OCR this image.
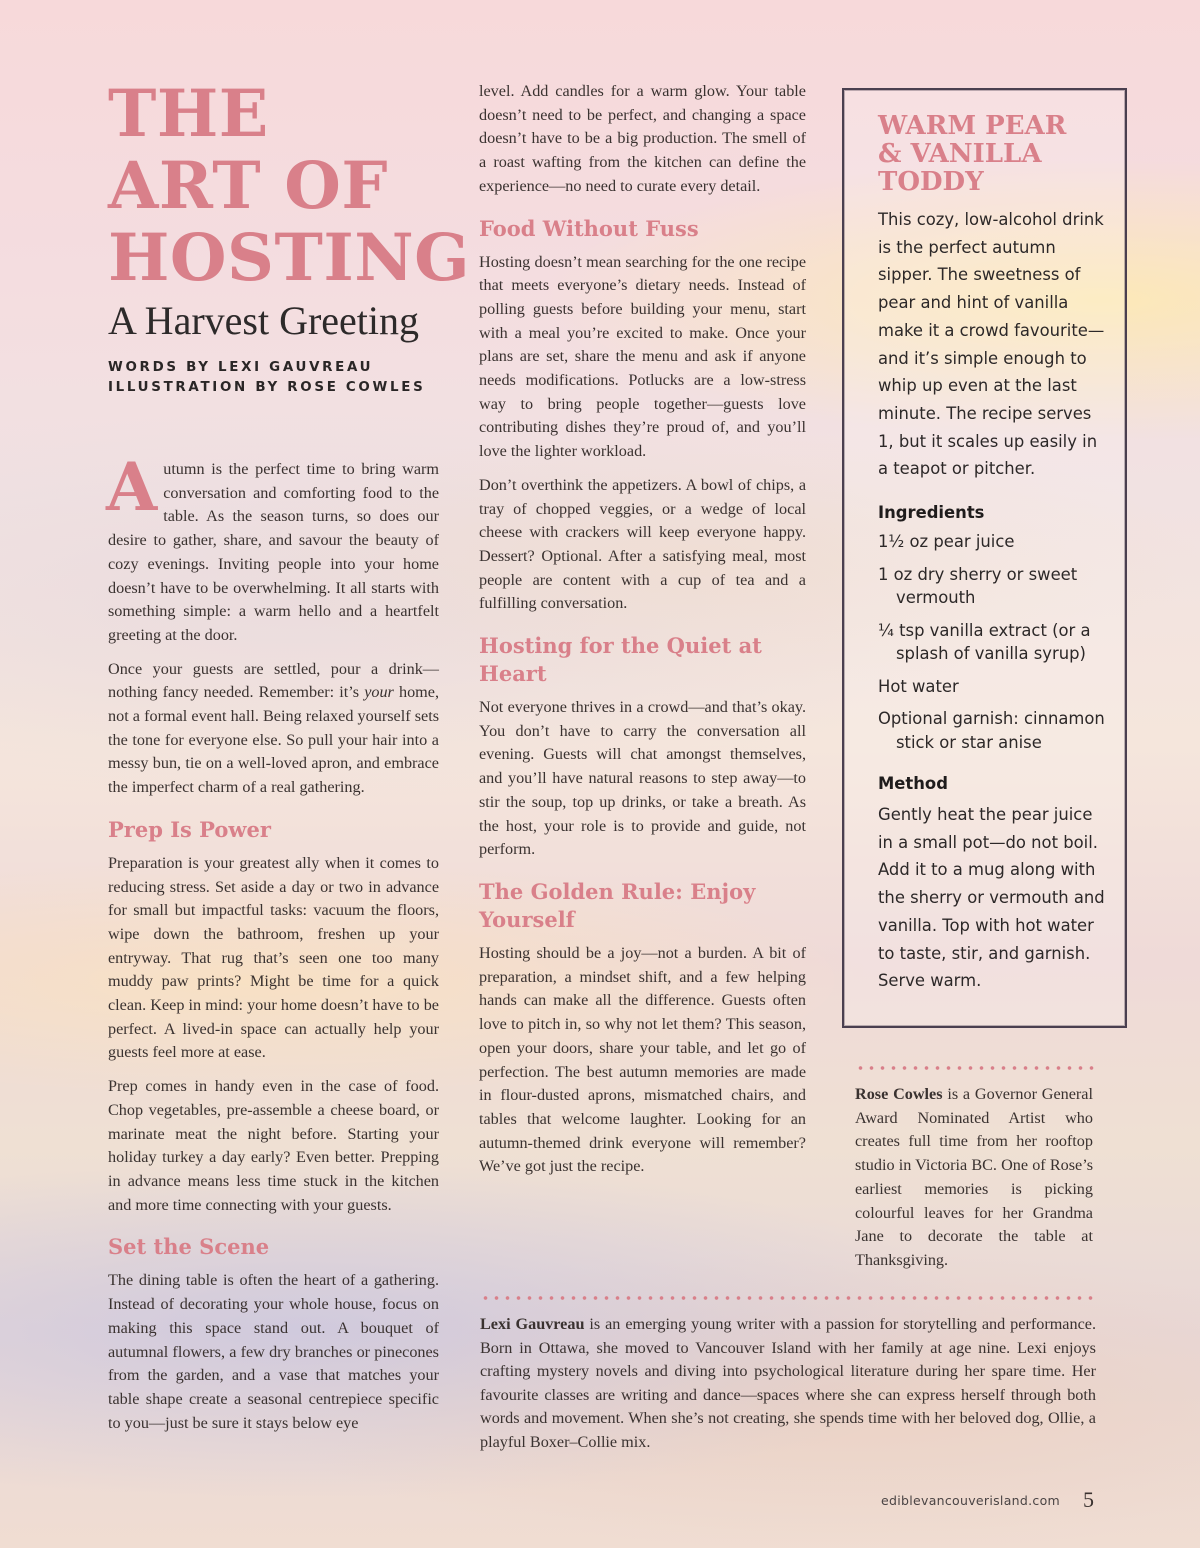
THE
ART OF
HOSTING
A Harvest Greeting

WORDS BY LEXI GAUVREAU

ILLUSTRATION BY ROSE COWLES

Autumn is the perfect time to bring warm conversation and comforting food to the table. As the season turns, so does our desire to gather, share, and savour the beauty of cozy evenings. Inviting people into your home doesn’t have to be overwhelming. It all starts with something simple: a warm hello and a heartfelt greeting at the door.

Once your guests are settled, pour a drink—nothing fancy needed. Remember: it’s your home, not a formal event hall. Being relaxed yourself sets the tone for everyone else. So pull your hair into a messy bun, tie on a well-loved apron, and embrace the imperfect charm of a real gathering.

Prep Is Power

Preparation is your greatest ally when it comes to reducing stress. Set aside a day or two in advance for small but impactful tasks: vacuum the floors, wipe down the bathroom, freshen up your entryway. That rug that’s seen one too many muddy paw prints? Might be time for a quick clean. Keep in mind: your home doesn’t have to be perfect. A lived-in space can actually help your guests feel more at ease.

Prep comes in handy even in the case of food. Chop vegetables, pre-assemble a cheese board, or marinate meat the night before. Starting your holiday turkey a day early? Even better. Prepping in advance means less time stuck in the kitchen and more time connecting with your guests.

Set the Scene

The dining table is often the heart of a gathering. Instead of decorating your whole house, focus on making this space stand out. A bouquet of autumnal flowers, a few dry branches or pinecones from the garden, and a vase that matches your table shape create a seasonal centrepiece specific to you—just be sure it stays below eye

level. Add candles for a warm glow. Your table doesn’t need to be perfect, and changing a space doesn’t have to be a big production. The smell of a roast wafting from the kitchen can define the experience—no need to curate every detail.

Food Without Fuss

Hosting doesn’t mean searching for the one recipe that meets everyone’s dietary needs. Instead of polling guests before building your menu, start with a meal you’re excited to make. Once your plans are set, share the menu and ask if anyone needs modifications. Potlucks are a low-stress way to bring people together—guests love contributing dishes they’re proud of, and you’ll love the lighter workload.

Don’t overthink the appetizers. A bowl of chips, a tray of chopped veggies, or a wedge of local cheese with crackers will keep everyone happy. Dessert? Optional. After a satisfying meal, most people are content with a cup of tea and a fulfilling conversation.

Hosting for the Quiet at Heart

Not everyone thrives in a crowd—and that’s okay. You don’t have to carry the conversation all evening. Guests will chat amongst themselves, and you’ll have natural reasons to step away—to stir the soup, top up drinks, or take a breath. As the host, your role is to provide and guide, not perform.

The Golden Rule: Enjoy Yourself

Hosting should be a joy—not a burden. A bit of preparation, a mindset shift, and a few helping hands can make all the difference. Guests often love to pitch in, so why not let them? This season, open your doors, share your table, and let go of perfection. The best autumn memories are made in flour-dusted aprons, mismatched chairs, and tables that welcome laughter. Looking for an autumn-themed drink everyone will remember? We’ve got just the recipe.

WARM PEAR
& VANILLA
TODDY

This cozy, low-alcohol drink is the perfect autumn sipper. The sweetness of pear and hint of vanilla make it a crowd favourite—and it’s simple enough to whip up even at the last minute. The recipe serves 1, but it scales up easily in a teapot or pitcher.

Ingredients
1½ oz pear juice
1 oz dry sherry or sweet vermouth
¼ tsp vanilla extract (or a splash of vanilla syrup)
Hot water
Optional garnish: cinnamon stick or star anise
Method

Gently heat the pear juice in a small pot—do not boil. Add it to a mug along with the sherry or vermouth and vanilla. Top with hot water to taste, stir, and garnish. Serve warm.

Rose Cowles is a Governor General Award Nominated Artist who creates full time from her rooftop studio in Victoria BC. One of Rose’s earliest memories is picking colourful leaves for her Grandma Jane to decorate the table at Thanksgiving.

Lexi Gauvreau is an emerging young writer with a passion for storytelling and performance. Born in Ottawa, she moved to Vancouver Island with her family at age nine. Lexi enjoys crafting mystery novels and diving into psychological literature during her spare time. Her favourite classes are writing and dance—spaces where she can express herself through both words and movement. When she’s not creating, she spends time with her beloved dog, Ollie, a playful Boxer–Collie mix.

ediblevancouverisland.com 5
